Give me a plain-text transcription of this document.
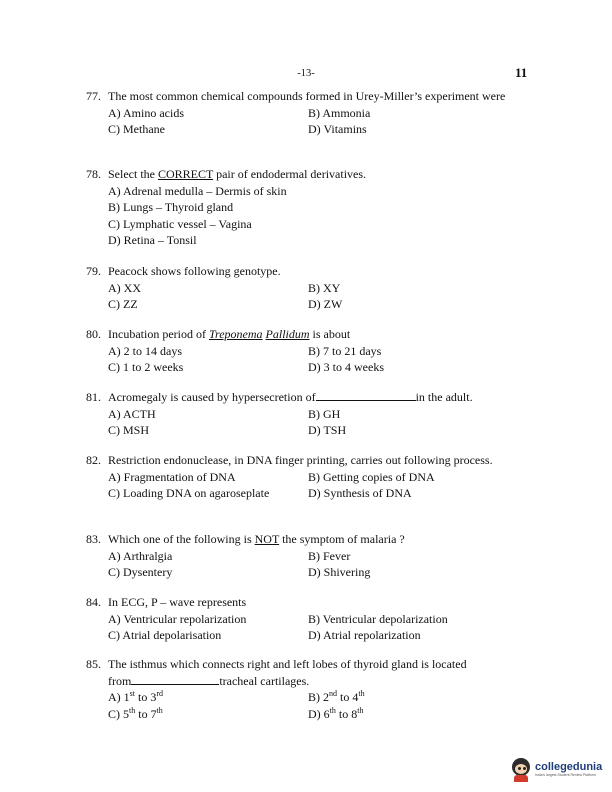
-13-	11
77. The most common chemical compounds formed in Urey-Miller’s experiment were
A) Amino acids	B) Ammonia
C) Methane	D) Vitamins
78. Select the CORRECT pair of endodermal derivatives.
A) Adrenal medulla – Dermis of skin
B) Lungs – Thyroid gland
C) Lymphatic vessel – Vagina
D) Retina – Tonsil
79. Peacock shows following genotype.
A) XX	B) XY
C) ZZ	D) ZW
80. Incubation period of Treponema Pallidum is about
A) 2 to 14 days	B) 7 to 21 days
C) 1 to 2 weeks	D) 3 to 4 weeks
81. Acromegaly is caused by hypersecretion of	in the adult.
A) ACTH	B) GH
C) MSH	D) TSH
82. Restriction endonuclease, in DNA finger printing, carries out following process.
A) Fragmentation of DNA	B) Getting copies of DNA
C) Loading DNA on agaroseplate	D) Synthesis of DNA
83. Which one of the following is NOT the symptom of malaria ?
A) Arthralgia	B) Fever
C) Dysentery	D) Shivering
84. In ECG, P – wave represents
A) Ventricular repolarization	B) Ventricular depolarization
C) Atrial depolarisation	D) Atrial repolarization
85. The isthmus which connects right and left lobes of thyroid gland is located
from	tracheal cartilages.
A) 1st to 3rd	B) 2nd to 4th
C) 5th to 7th	D) 6th to 8th
collegedunia
India's largest Student Review Platform
